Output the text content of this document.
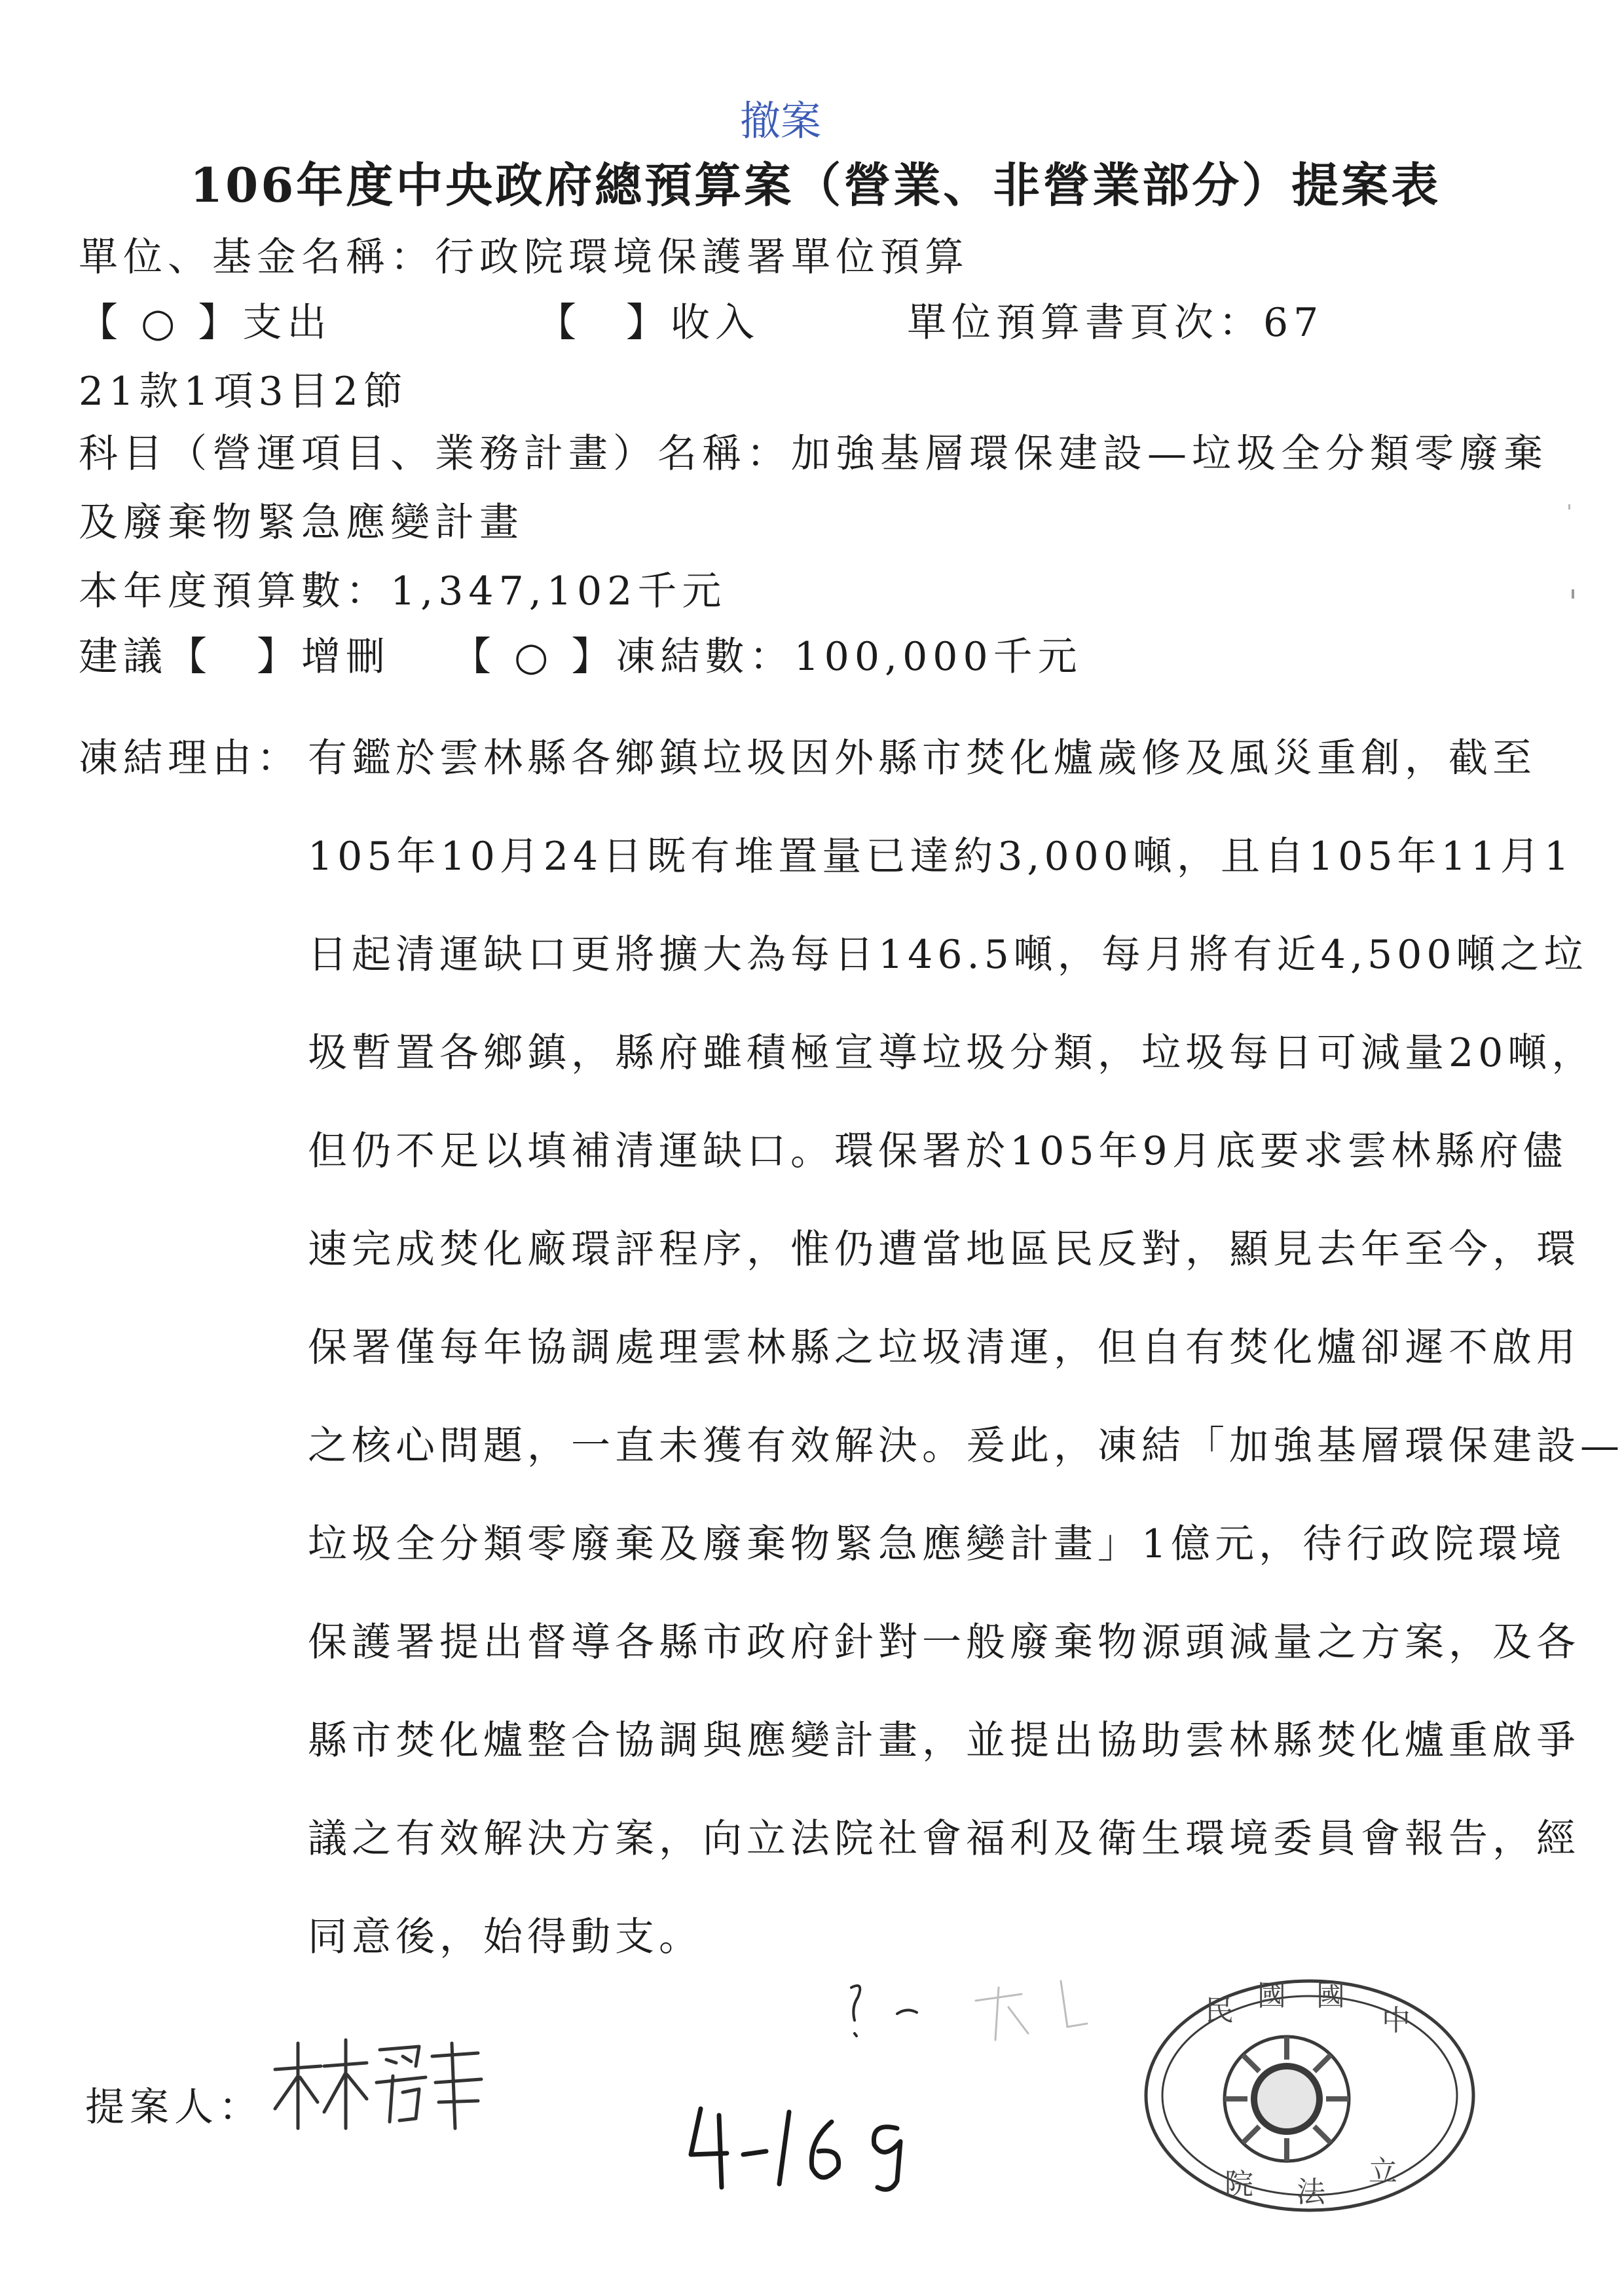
撤案
106年度中央政府總預算案（營業、非營業部分）提案表
單位、基金名稱：行政院環境保護署單位預算
【 ○ 】支出	【　】收入	單位預算書頁次：67
21款1項3目2節
科目（營運項目、業務計畫）名稱：加強基層環保建設—垃圾全分類零廢棄
及廢棄物緊急應變計畫
本年度預算數：1,347,102千元
建議【　】增刪 【 ○ 】凍結數：100,000千元
凍結理由： 有鑑於雲林縣各鄉鎮垃圾因外縣市焚化爐歲修及風災重創，截至
105年10月24日既有堆置量已達約3,000噸，且自105年11月1
日起清運缺口更將擴大為每日146.5噸，每月將有近4,500噸之垃
圾暫置各鄉鎮，縣府雖積極宣導垃圾分類，垃圾每日可減量20噸，
但仍不足以填補清運缺口。環保署於105年9月底要求雲林縣府儘
速完成焚化廠環評程序，惟仍遭當地區民反對，顯見去年至今，環
保署僅每年協調處理雲林縣之垃圾清運，但自有焚化爐卻遲不啟用
之核心問題，一直未獲有效解決。爰此，凍結「加強基層環保建設—
垃圾全分類零廢棄及廢棄物緊急應變計畫」1億元，待行政院環境
保護署提出督導各縣市政府針對一般廢棄物源頭減量之方案，及各
縣市焚化爐整合協調與應變計畫，並提出協助雲林縣焚化爐重啟爭
議之有效解決方案，向立法院社會福利及衛生環境委員會報告，經
同意後，始得動支。
提案人：
民 國 國
中
院 法
立
